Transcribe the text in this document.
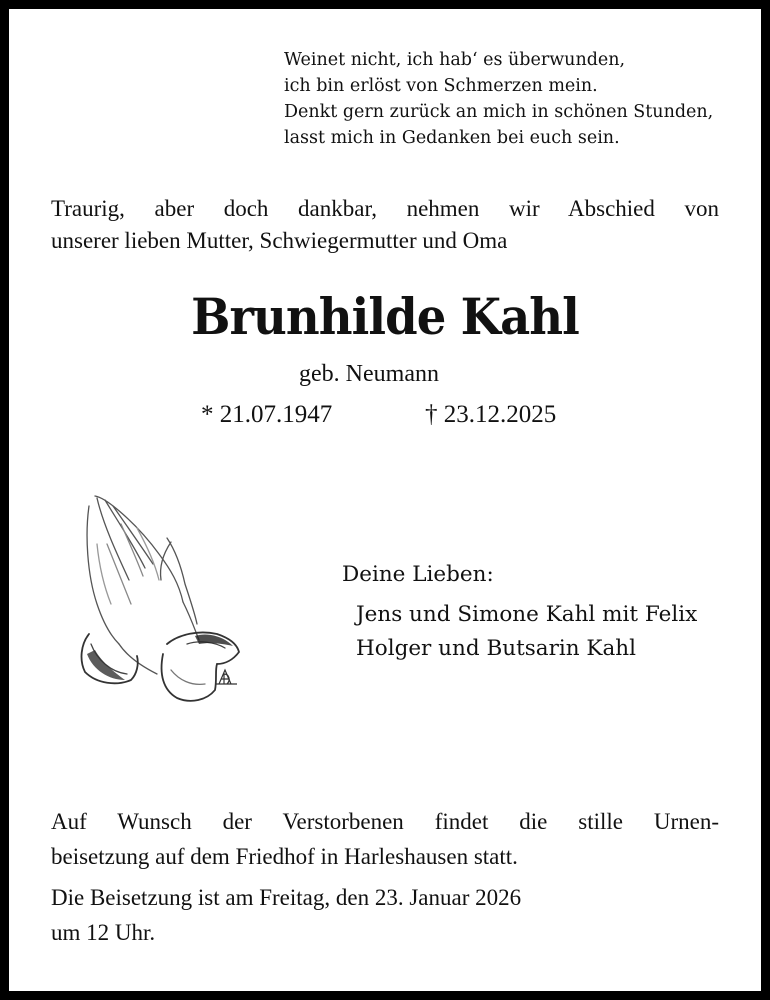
Weinet nicht, ich hab‘ es überwunden,
ich bin erlöst von Schmerzen mein.
Denkt gern zurück an mich in schönen Stunden,
lasst mich in Gedanken bei euch sein.
Traurig, aber doch dankbar, nehmen wir Abschied von
unserer lieben Mutter, Schwiegermutter und Oma
Brunhilde Kahl
geb. Neumann
* 21.07.1947	† 23.12.2025
Deine Lieben:
Jens und Simone Kahl mit Felix
Holger und Butsarin Kahl
Auf Wunsch der Verstorbenen findet die stille Urnen-
beisetzung auf dem Friedhof in Harleshausen statt.
Die Beisetzung ist am Freitag, den 23. Januar 2026
um 12 Uhr.
